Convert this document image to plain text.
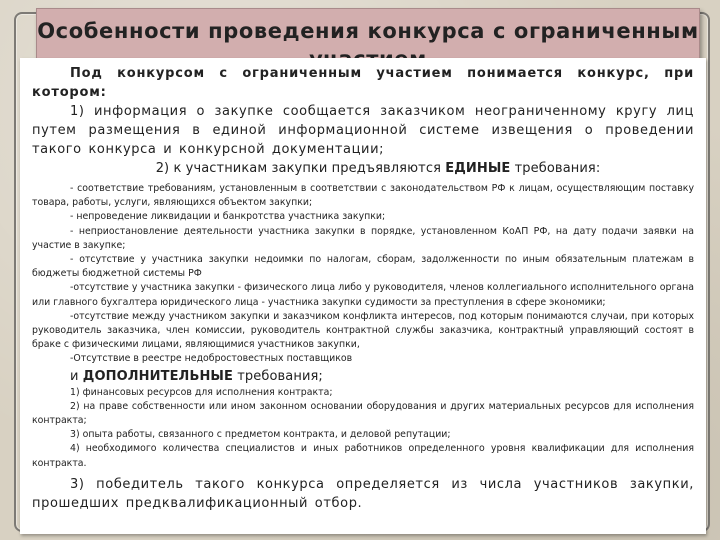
Особенности проведения конкурса с ограниченным

Под конкурсом с ограниченным участием понимается конкурс, при котором:

1) информация о закупке сообщается заказчиком неограниченному кругу лиц путем размещения в единой информационной системе извещения о проведении такого конкурса и конкурсной документации;

2) к участникам закупки предъявляются ЕДИНЫЕ требования:

- соответствие требованиям, установленным в соответствии с законодательством РФ к лицам, осуществляющим поставку товара, работы, услуги, являющихся объектом закупки;

- непроведение ликвидации и банкротства участника закупки;

- неприостановление деятельности участника закупки в порядке, установленном КоАП РФ, на дату подачи заявки на участие в закупке;

- отсутствие у участника закупки недоимки по налогам, сборам, задолженности по иным обязательным платежам в бюджеты бюджетной системы РФ

-отсутствие у участника закупки - физического лица либо у руководителя, членов коллегиального исполнительного органа или главного бухгалтера юридического лица - участника закупки судимости за преступления в сфере экономики;

-отсутствие между участником закупки и заказчиком конфликта интересов, под которым понимаются случаи, при которых руководитель заказчика, член комиссии, руководитель контрактной службы заказчика, контрактный управляющий состоят в браке с физическими лицами, являющимися участников закупки,

-Отсутствие в реестре недобростовестных поставщиков

и ДОПОЛНИТЕЛЬНЫЕ требования;

1) финансовых ресурсов для исполнения контракта;

2) на праве собственности или ином законном основании оборудования и других материальных ресурсов для исполнения контракта;

3) опыта работы, связанного с предметом контракта, и деловой репутации;

4) необходимого количества специалистов и иных работников определенного уровня квалификации для исполнения контракта.

3) победитель такого конкурса определяется из числа участников закупки, прошедших предквалификационный отбор.
